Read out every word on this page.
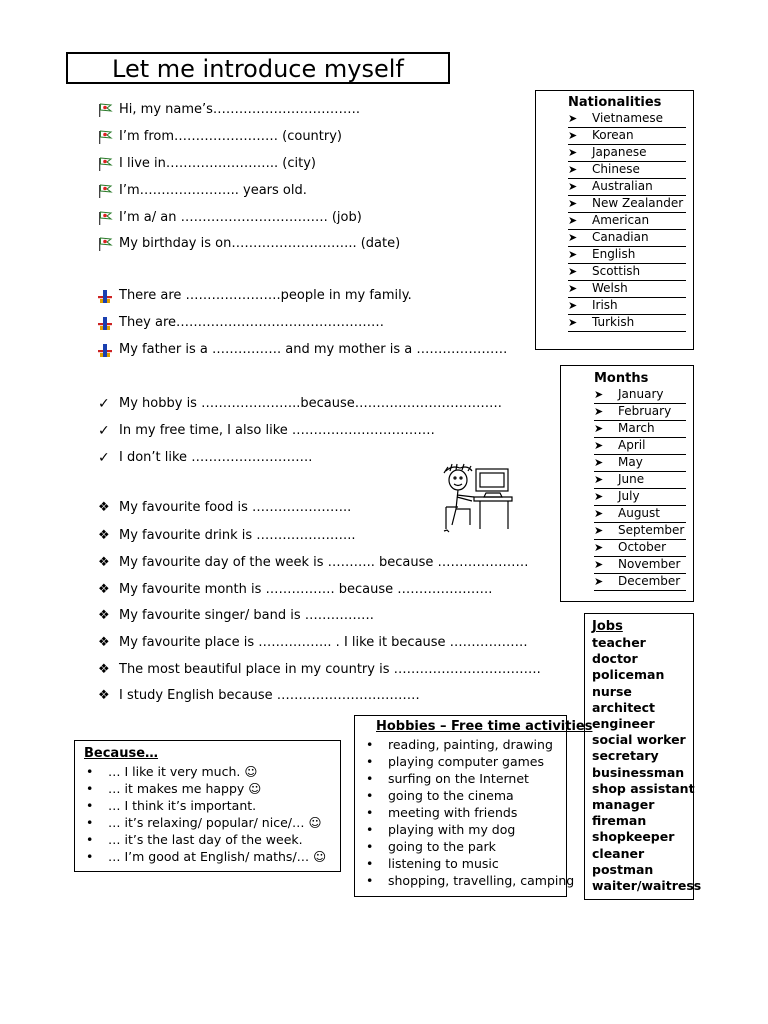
Let me introduce myself
Hi, my name’s…………………………….
I’m from…………………… (country)
I live in…………………….. (city)
I’m………………….. years old.
I’m a/ an ……………………………. (job)
My birthday is on……………………….. (date)
There are ………………….people in my family.
They are…………………………………………
My father is a ……………. and my mother is a …………………
✓ My hobby is …………………..because…………………………….
✓ In my free time, I also like ……………………………
✓ I don’t like ……………………….
❖ My favourite food is …………………..
❖ My favourite drink is …………………..
❖ My favourite day of the week is ……….. because …………………
❖ My favourite month is ……………. because ………………….
❖ My favourite singer/ band is …………….
❖ My favourite place is …………….. . I like it because ………………
❖ The most beautiful place in my country is …………………………….
❖ I study English because ……………………………
Nationalities
➤ Vietnamese
➤ Korean
➤ Japanese
➤ Chinese
➤ Australian
➤ New Zealander
➤ American
➤ Canadian
➤ English
➤ Scottish
➤ Welsh
➤ Irish
➤ Turkish
Months
➤ January
➤ February
➤ March
➤ April
➤ May
➤ June
➤ July
➤ August
➤ September
➤ October
➤ November
➤ December
Jobs
teacher
doctor
policeman
nurse
architect
engineer
social worker
secretary
businessman
shop assistant
manager
fireman
shopkeeper
cleaner
postman
waiter/waitress
Hobbies – Free time activities
• reading, painting, drawing
• playing computer games
• surfing on the Internet
• going to the cinema
• meeting with friends
• playing with my dog
• going to the park
• listening to music
• shopping, travelling, camping
Because…
• … I like it very much. ☺
• … it makes me happy ☺
• … I think it’s important.
• … it’s relaxing/ popular/ nice/… ☺
• … it’s the last day of the week.
• … I’m good at English/ maths/… ☺
